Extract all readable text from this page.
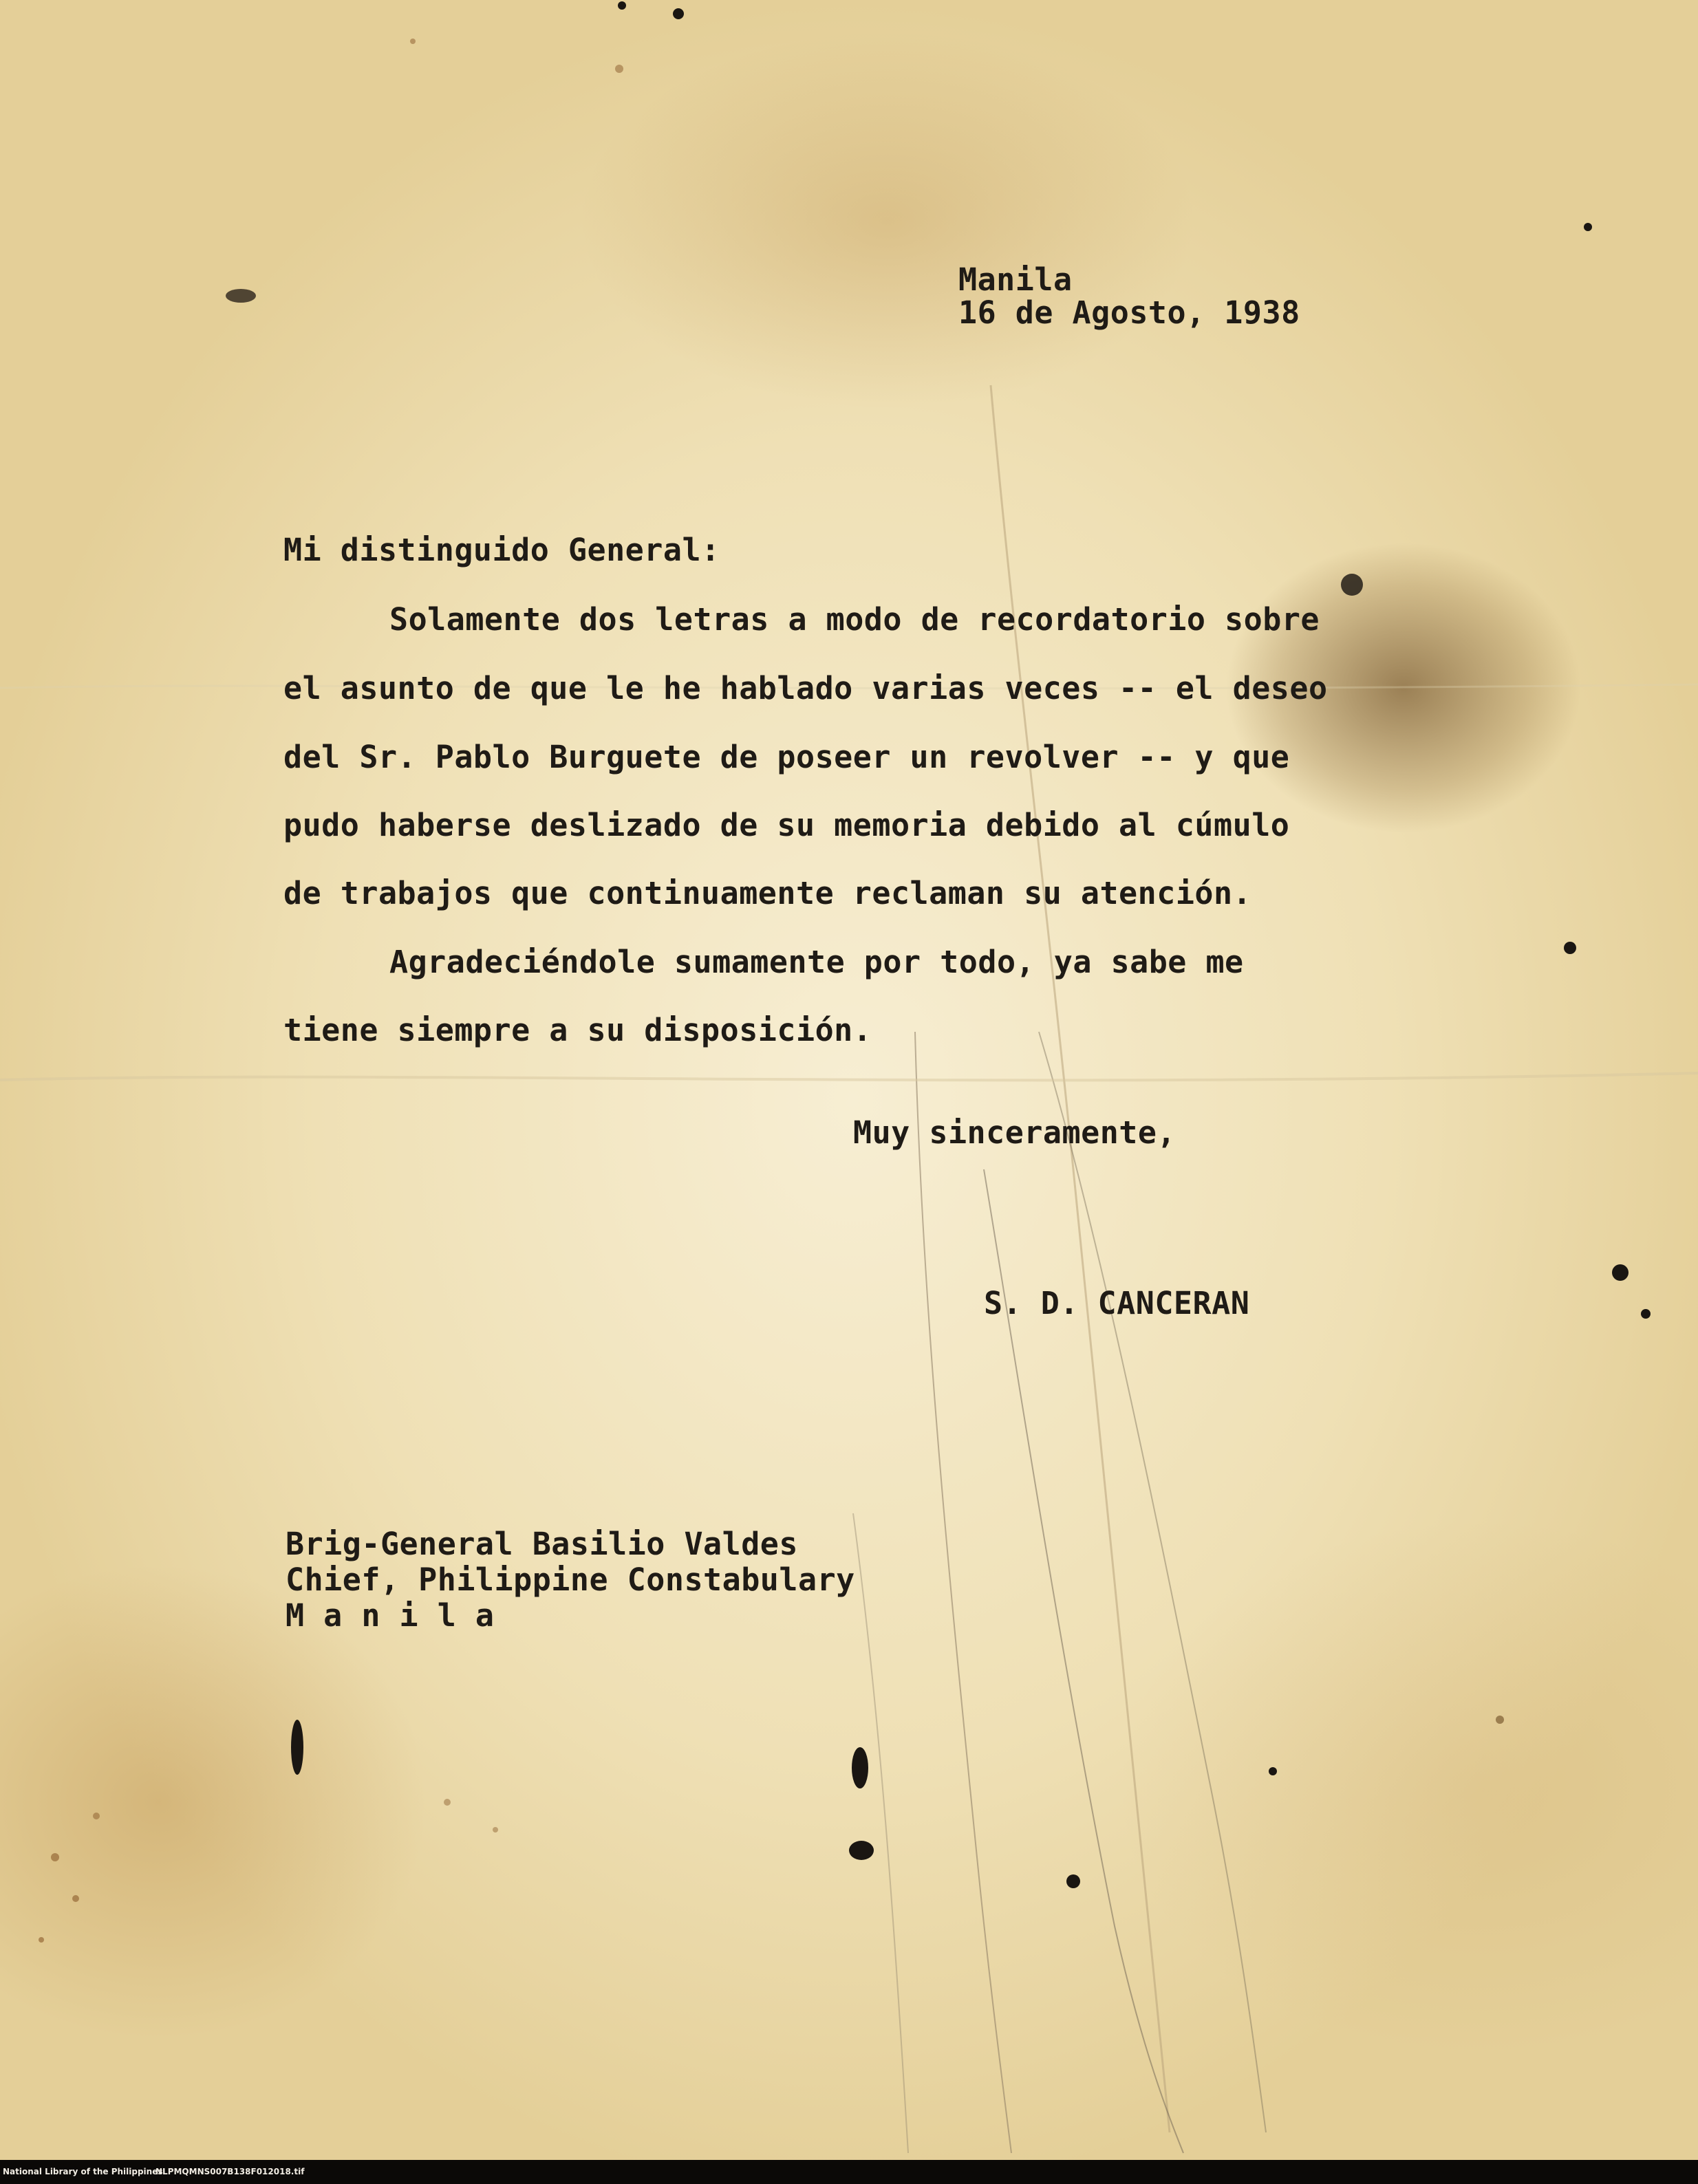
Manila

16 de Agosto, 1938

Mi distinguido General:

Solamente dos letras a modo de recordatorio sobre

el asunto de que le he hablado varias veces -- el deseo

del Sr. Pablo Burguete de poseer un revolver -- y que

pudo haberse deslizado de su memoria debido al cúmulo

de trabajos que continuamente reclaman su atención.

Agradeciéndole sumamente por todo, ya sabe me

tiene siempre a su disposición.

Muy sinceramente,

S. D. CANCERAN

Brig-General Basilio Valdes

Chief, Philippine Constabulary

M a n i l a

National Library of the Philippines
NLPMQMNS007B138F012018.tif
